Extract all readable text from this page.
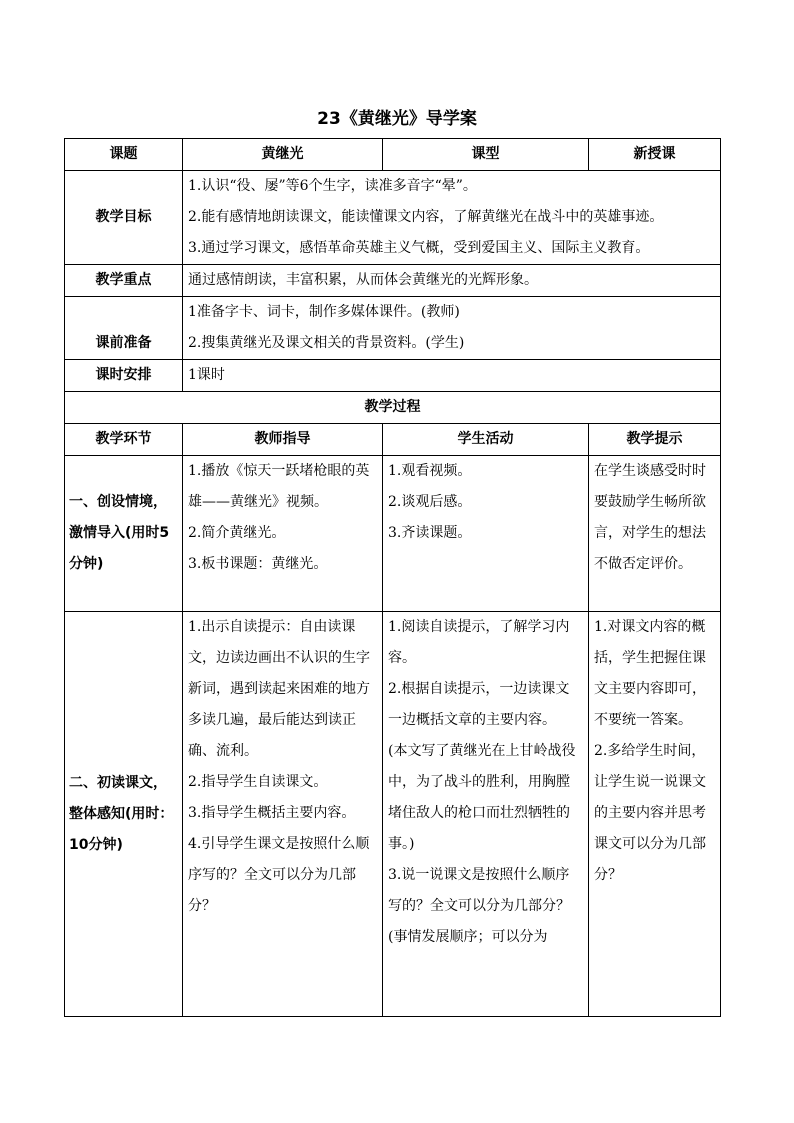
23《黄继光》导学案
课题	黄继光	课型	新授课
教学目标	1.认识“役、屡”等6个生字，读准多音字“晕”。
2.能有感情地朗读课文，能读懂课文内容，了解黄继光在战斗中的英雄事迹。
3.通过学习课文，感悟革命英雄主义气概，受到爱国主义、国际主义教育。		

教学重点	通过感情朗读，丰富积累，从而体会黄继光的光辉形象。		
课前准备	1准备字卡、词卡，制作多媒体课件。(教师)
2.搜集黄继光及课文相关的背景资料。(学生)		

课时安排	1课时		
教学过程			
教学环节	教师指导	学生活动	教学提示
一、创设情境，激情导入(用时5分钟)	1.播放《惊天一跃堵枪眼的英雄——黄继光》视频。
2.简介黄继光。
3.板书课题：黄继光。	1.观看视频。
2.谈观后感。
3.齐读课题。	在学生谈感受时时要鼓励学生畅所欲言，对学生的想法不做否定评价。

二、初读课文，整体感知(用时：10分钟)	1.出示自读提示：自由读课文，边读边画出不认识的生字新词，遇到读起来困难的地方多读几遍，最后能达到读正确、流利。
2.指导学生自读课文。
3.指导学生概括主要内容。
4.引导学生课文是按照什么顺序写的？全文可以分为几部分？	1.阅读自读提示，了解学习内容。
2.根据自读提示，一边读课文一边概括文章的主要内容。
(本文写了黄继光在上甘岭战役中，为了战斗的胜利，用胸膛堵住敌人的枪口而壮烈牺牲的事。)
3.说一说课文是按照什么顺序写的？全文可以分为几部分？
(事情发展顺序；可以分为	1.对课文内容的概括，学生把握住课文主要内容即可，不要统一答案。
2.多给学生时间，让学生说一说课文的主要内容并思考课文可以分为几部分？
